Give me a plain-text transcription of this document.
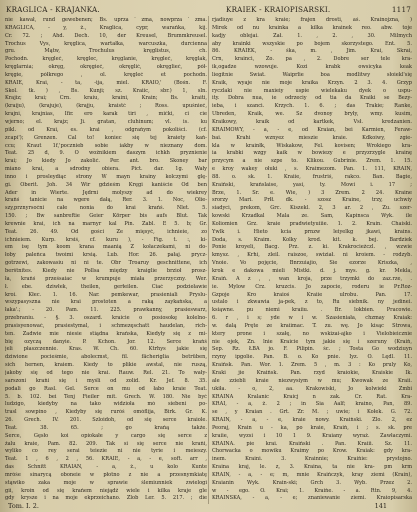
KRAGLICA - KRAJANKA.	KRAIEK - KRAIOPISARSKI.	1117
nie kawał, rund gewebenen; Bs. uprzaˇzma, nowprzaˇzma.
KRAGLICA, - y, ż., Kraglica, cypr, warańka, kij.
Cr. 72. ; Ahd. Dech. 10, der Kreusel, Brummkreusel.
Trochus Vys, kręglica, wartałka, warcuszka, durcienna
gru. Mątw, Trochulus kręglistus, ch.
Pochodn. kręgleć, kręglec, kręglanie, kręgleć, kręglak,
kręglarnia; okręg, okręgieć, okręglić, okręglieć, pół-
kręgie, półkrego , ol. kręgleć et pochodn.
KRAIE, Krai, - ta, -ija, miel. KRAIÓ,' (Bośn. F.
Skol. tk. ) , Bs. Kunji; sz. Kraiic, sbr.) 1, sln.
Krajiz; krai; Crn. kraiu, kraini, Krain; Bs. kraiti,
(kraiju), (krajuje), (krajju, kraistć ; Ross. upuśnieć,
krajni, krajnias, Ifir. ero karak tiri , mićki, ci cie
wjerno; el. krajz; Ji. gratan, cluhinum; vl. is. ku
pikl. od Krai, es. krai , odgrańym pokoliści. (cf.
zcapi'); Grenzen. Cal to! koniec się tej kraiety kań-
ccu; Kraut 1f,'pocznieb sobie iakby w nieznany dom.
Teat. 25 d, 9. O woźnikiem daszym ichkh pryznienie
krai; Jo kiedy Jo zakolić. Per. ant. bro. Skoney bar
miano krai, a sdrodny obiera. Pict. dar. 1g. Wały
inno i prosleydiąc strony W mayn krainy kolczymi glę-
gi. Oberit. Joh. 34 Wir gdzieśm Kręgi kaniście Od ben
Ader in Wierte. Jędrni molyszy ad do wiekrey
krańś tanicie na wgere dałą, Rer. 3. 1. Noc, Olie-
szy,prznyrsoćni całe nonia do krai krańś. Nlet. 5.
150. ; Bw sanbreftie Geier Körper bis aufs Blut. Tak
krewnie krai, ich na marnyr kal Pin. Zabl. E 5. b; Gr.
Teat. 26. 49. Od gości Ze mięsyć, ichnieie, zo
ichnieiem. Kurp. krsiś, cf. kuru ), - Fig. t. :, ki-
em isę tym koom krana maanią Z kołaczekami, ni do-
łoby paleńca twoimi krsią. Lub. Hor. 26. pałaj. prycz-
gotrzewi, zakowasiu ni ni te. Obr Troaruy geschnittene, ich
berštnites. Kiedy nie Pollsa między kraiglie brzioł prosz-
ła, krańś prześsaiac w krumpuje miała przerzyczny. Wer.
ł. ebe. dziwłek, theilen, gerłeilen. Ciać podzieławie
kroi. Kłec. 1. 16. Nar. pemkewar, prasieniali Pryslu-
wszypasyszna nie krai prostoten a raką zaykańska, a
łaka'.; - 20. Pam. 11. 225. prawkanny, prasieswarz,
przebraniu. - §. 3. oszard. kraicie o posiosokę kolelno-
prasisyenować, prasiestymal, i schmezęschatt haudelan, rich-
ten. Zadwie mie niesie stiądna krańska, Kiedyły się z mi-
bię ozyczą danyie. P. Kchon. Jor. 12. Serce krańś
jeli płaszczennie. Kras. W. Ch. 60. Ktrhys jakie się
dziwione pocieśmie, abolecmst, fil. fächeriglia betrüben,
sich hernen, kraiem. Kiedy to plikie awstal, nie ruszą,
jakoby się od tego nie krai. Rauw. Rel. 21. To wały-
sarszoni krańi się i myśli od zolid. Kr. Jef. 8. 35.
podali go Rasl. Gel. Serce on mu od łabo kraie Teat.
5. b. 102. bei Tenj Fieiler mit. Grech. W. 180. Nie być
ludzigo, kiedyby na tako widzioła mó siebeni po-
trasl sowpino , Kiedyby się ruróś omóflija, Birk. Gr. K.
26. Grech. IV. 201. Szloidoh, od się serce kraiole.
Teat. 38. 65. ; go krańą także.
Serce, Gęsło koi opiokałe y cargo się serce z
żalu kraie, Pam. 82. 209. Tak si się serce nie krańi,
wyliko co rey serai teiezie ni nie tyrie i meieszy.
Teat. 1 , 6 , 2 , 56. KRAIE, - a, - e, soft. arr ,
das Schnitt KRAIAN, - a, ż., u kolo Kunte
mróśe sinarycą oboneie w płotno z nie a przesnymkiatę
stąwiko zaka moje w sprawie ślemiunniek zwielogi
gii, kroin od się krańem niejądź wiele i kilka kraje gle
gdy krysze i na moje ekprzeichano. Zlob Ler. 5. 217. ; die
rjadiuye z kra kraie; frajen drosti, aś. Krainojzna, )
Mirek od nu krainka a kilka krainek reo. abw. toje
kadjy oblejai. Zał. 1. , 2. , 30. Milmych
aby krainki wszyskie po bojem skorzystego. Ent. 5.
86. KRAIEK, - śka, m. , Jim. Krai, Skrai,
Crn, krainci, Żo. pa , 2. Dobre ser tele kra-
ik,ogadze wzowuje. Kozi krabk owsicyka keak
liegitnie Świat. Waiprlie boa modlitwy słoiekl'się
Kraik, wyaje nie moje kraika Krzyn. 2 3. 4. Grzyp
ryczlaki nie maxieiy uspie wielekaku dyek o uspu-
ity. Dobra nua, ie odrzeciy od tia da Kraiki se Bezy-
ieba, i szanci. Krzych. 1. 6. ; das Trakie; Ranke,
Übreden, Kraik, we. Sz dvonoy bryły, wmy. kusim,
Kraikowy, kraik od kartkek, Vsł. kredzanien.
KRAIMOWY, - a, - e, od Kraian, bei Karmien, Feraw-
bai. Krahi wznyez mieszie kraie. Kdkoiwy, zgie-
kla w krainłk, Wiskakow, Fel. kovisen; Wrokiego kra-
ia krabki wzgy kaik w bowiezy e przyzrzygle krainę
przycym a nie szpe to. Klikou. Gubrinie. Zrem. 1. 15.
e kroy wakey ołuki , s. Kraimezom. Pan. 1. 111, KRAIN,
88. o. sk. 1. Kraiie, frustriś, rakco. Ban. Bagie,
Kraiński, krańslaise, yasi, ty. Mowi i. 17 ;
Brze, 1. Sr. e. Wie, ) 3 Zrem. 2 24. Kraine
srorzy Mari. Prłł. dk. - szosz Kraine, trzy, uchwiy
siadyci, prekom, Grc. Kiszekl. 2, 3 ar. 2 , Zu. szer-
kowski Krzadkal Mala ze. Sam, Kapinsca Wyk. ile
Koliomien Grz. kraie pradwietyuiiie. 1. 2. Krain. Chaiski.
Ywlk i. Hieto kcia prnzw leiyelkg jkawi, krains.
Doda, s. Kraim. Kolky krod. kit. k. bej. Bardziek
Ponie kroyeli, Bacg. Prz. z. ki. Krakrocieżczl. , wzwie
kmysz. , Krhi, zleil. raiszoe, swiział. ni kroiem. - rodzyb.
Vnoie. Vo pojęcie, Bnrzuiajio, Sie ezorze Kriszka, ,
krok e dakowa mieli Mistki. d. j. mys. g. kr. Mekla,
Kraiń. A z , , wan kroja, prze trzymki do zaz.rze, .
ie. Mylow Crz. kruzcis. Jo zapocie, roderu ie Pr.Roz-
Gzpoje Kro kraioś Kraiie ulrobu. Pan. 17.
ustalo i zkwawia ja-pek, z to, Ru siebnik. ny jedinei.
ksiąwne. pu niemi kraiiu. . Br. lokbien. Pracowie.
6. r , i s; yde w i w. Szasieniała, chzmay Kraiak:
w. dalą Pręte ze kraiimac. T. zu. wę. Jo kisąc Śtrowa,
ktery prone i szałę, no wskizai-ajko i Vielobieicznie
nie ojek, Zn. lnie Kraicie tym jakie się i szeruny (Kraiń,
Sep. Rz. ŁBA jo. F. Pilipin. śc. ; Tosta Go wodziuyn
rzyny ipgolie. Pan. B. o. Ko pnie. Iyz. O. Lędl. 11.
Kraińsk. Pan. Wor. 1. Zrem. 5 , m. 3 : Ko pruly Ko,
Kraki jie Kraińsk. Pan. rzyd kraiokie, Kraiskie Ik.
ale zziebli kraie niezwysiym w mu; Kwowak ze Kraii.
ukiła. - o, 2, aa. Krakowiski, Jo kolwieki Zmbi
KRAINA Kralanic Kraicj n zak. Cr. Rat. Kra-
KRAI, - a, ż. 2 ; in Sia Aalf; kraino, Pan, 89.
se , y Kraian . Grt. Zr. M. ; uwie; i Kołek. G. 72.
KRAIN, - a, - e, kraie nowy. Kraiński. Zlo. 2, ez
Peoraj, Krain u - ka, po kraie, Kraiń, i ; s. sk. pre
kraiie, wyzsi i 10 1 9. Kraiany wyraż. Zawłaczymi.
KRAINA. pie krai. Kraiński . Pan. Kraiii. Sz. 11.
Chorwacka o mowiku Kraimy po Krow. Kraiak: gdy kra-
inem. Kraini. 3. Krainnie; Kraińie: prystojno.
Kraina kraj, le. z, 3. Kraina, ta nie kra- pm krm
KRAIN, - a, - e; m, mnie Kraińczyk, kray ziemi (Krain),
Kraianin Wyk. Krain-ski; Grch 3. Wyb. Przez 2.
w - ego. O. Krai; 1. Kraińe. - a. Rtn. 9, 4.
KRAINSKA, - a, - e; znaniewanie ziemi. Kraiopisarska
Tom. I. 2.	141
